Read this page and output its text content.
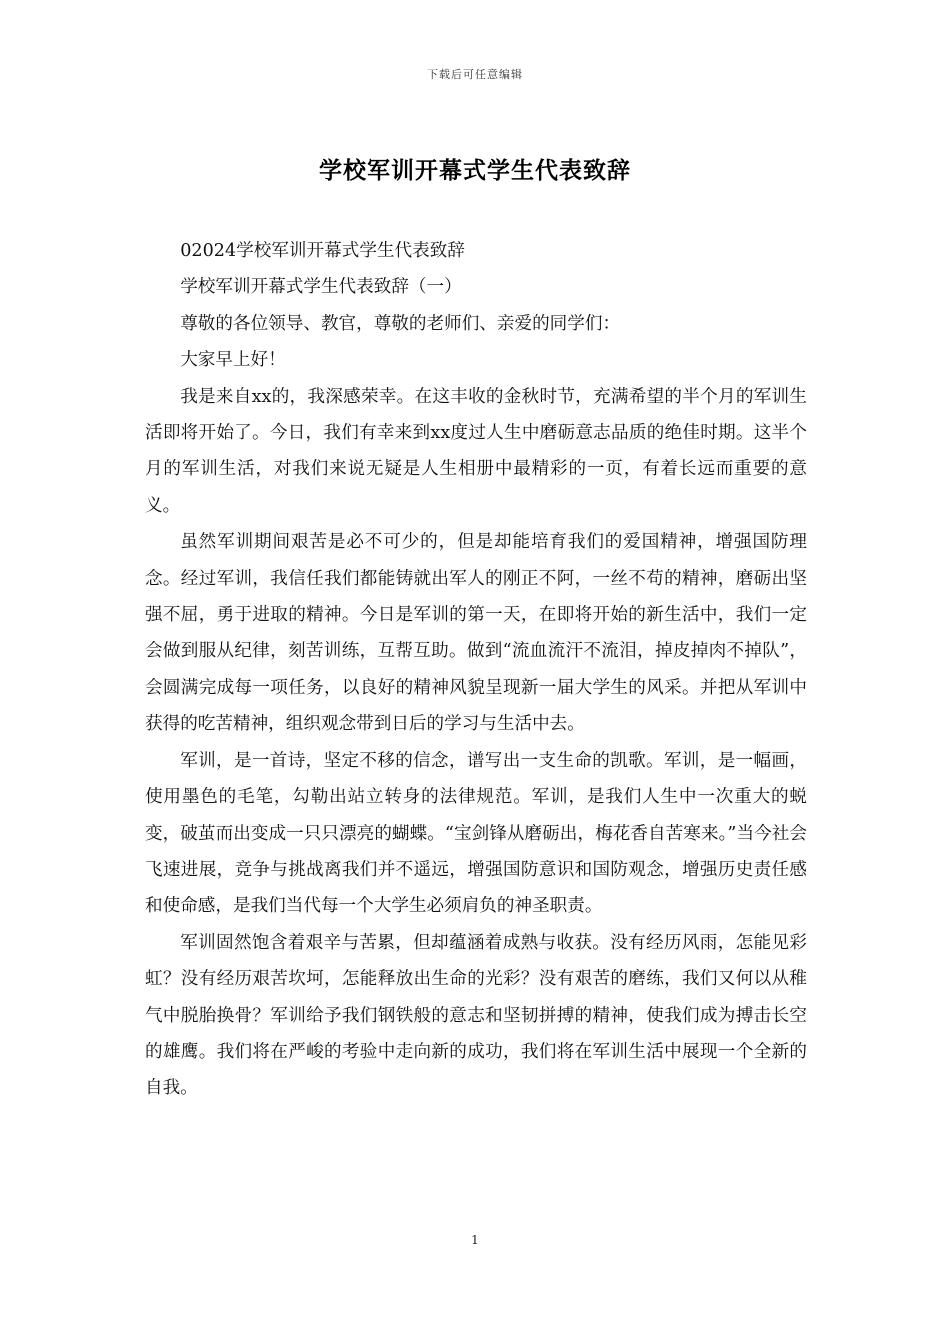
下载后可任意编辑
学校军训开幕式学生代表致辞

02024学校军训开幕式学生代表致辞

学校军训开幕式学生代表致辞（一）

尊敬的各位领导、教官，尊敬的老师们、亲爱的同学们：

大家早上好！

我是来自xx的，我深感荣幸。在这丰收的金秋时节，充满希望的半个月的军训生活即将开始了。今日，我们有幸来到xx度过人生中磨砺意志品质的绝佳时期。这半个月的军训生活，对我们来说无疑是人生相册中最精彩的一页，有着长远而重要的意义。

虽然军训期间艰苦是必不可少的，但是却能培育我们的爱国精神，增强国防理念。经过军训，我信任我们都能铸就出军人的刚正不阿，一丝不苟的精神，磨砺出坚强不屈，勇于进取的精神。今日是军训的第一天，在即将开始的新生活中，我们一定会做到服从纪律，刻苦训练，互帮互助。做到“流血流汗不流泪，掉皮掉肉不掉队”，会圆满完成每一项任务，以良好的精神风貌呈现新一届大学生的风采。并把从军训中获得的吃苦精神，组织观念带到日后的学习与生活中去。

军训，是一首诗，坚定不移的信念，谱写出一支生命的凯歌。军训，是一幅画，使用墨色的毛笔，勾勒出站立转身的法律规范。军训，是我们人生中一次重大的蜕变，破茧而出变成一只只漂亮的蝴蝶。“宝剑锋从磨砺出，梅花香自苦寒来。”当今社会飞速进展，竞争与挑战离我们并不遥远，增强国防意识和国防观念，增强历史责任感和使命感，是我们当代每一个大学生必须肩负的神圣职责。

军训固然饱含着艰辛与苦累，但却蕴涵着成熟与收获。没有经历风雨，怎能见彩虹？没有经历艰苦坎坷，怎能释放出生命的光彩？没有艰苦的磨练，我们又何以从稚气中脱胎换骨？军训给予我们钢铁般的意志和坚韧拼搏的精神，使我们成为搏击长空的雄鹰。我们将在严峻的考验中走向新的成功，我们将在军训生活中展现一个全新的自我。

1
